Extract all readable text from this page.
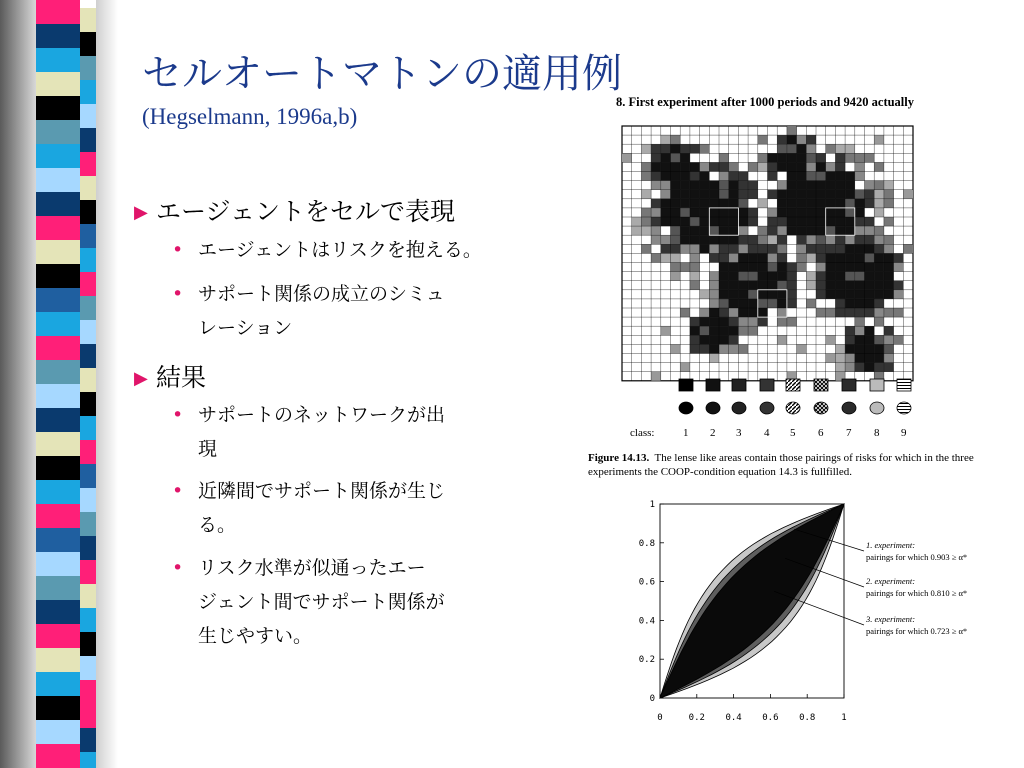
セルオートマトンの適用例
(Hegselmann, 1996a,b)
▶ エージェントをセルで表現
• エージェントはリスクを抱える。
• サポート関係の成立のシミュ
レーション
▶ 結果
• サポートのネットワークが出
現
• 近隣間でサポート関係が生じ
る。
• リスク水準が似通ったエー
ジェント間でサポート関係が
生じやすい。
8. First experiment after 1000 periods and 9420 actually
class:	1 2 3 4 5 6 7 8 9
Figure 14.13. The lense like areas contain those pairings of risks for which in the three experiments the COOP-condition equation 14.3 is fullfilled.
0	0.2 0.4 0.6 0.8	1
0
0.2
0.4
0.6
0.8
1
1. experiment:
pairings for which 0.903 ≥ α*
2. experiment:
pairings for which 0.810 ≥ α*
3. experiment:
pairings for which 0.723 ≥ α*
